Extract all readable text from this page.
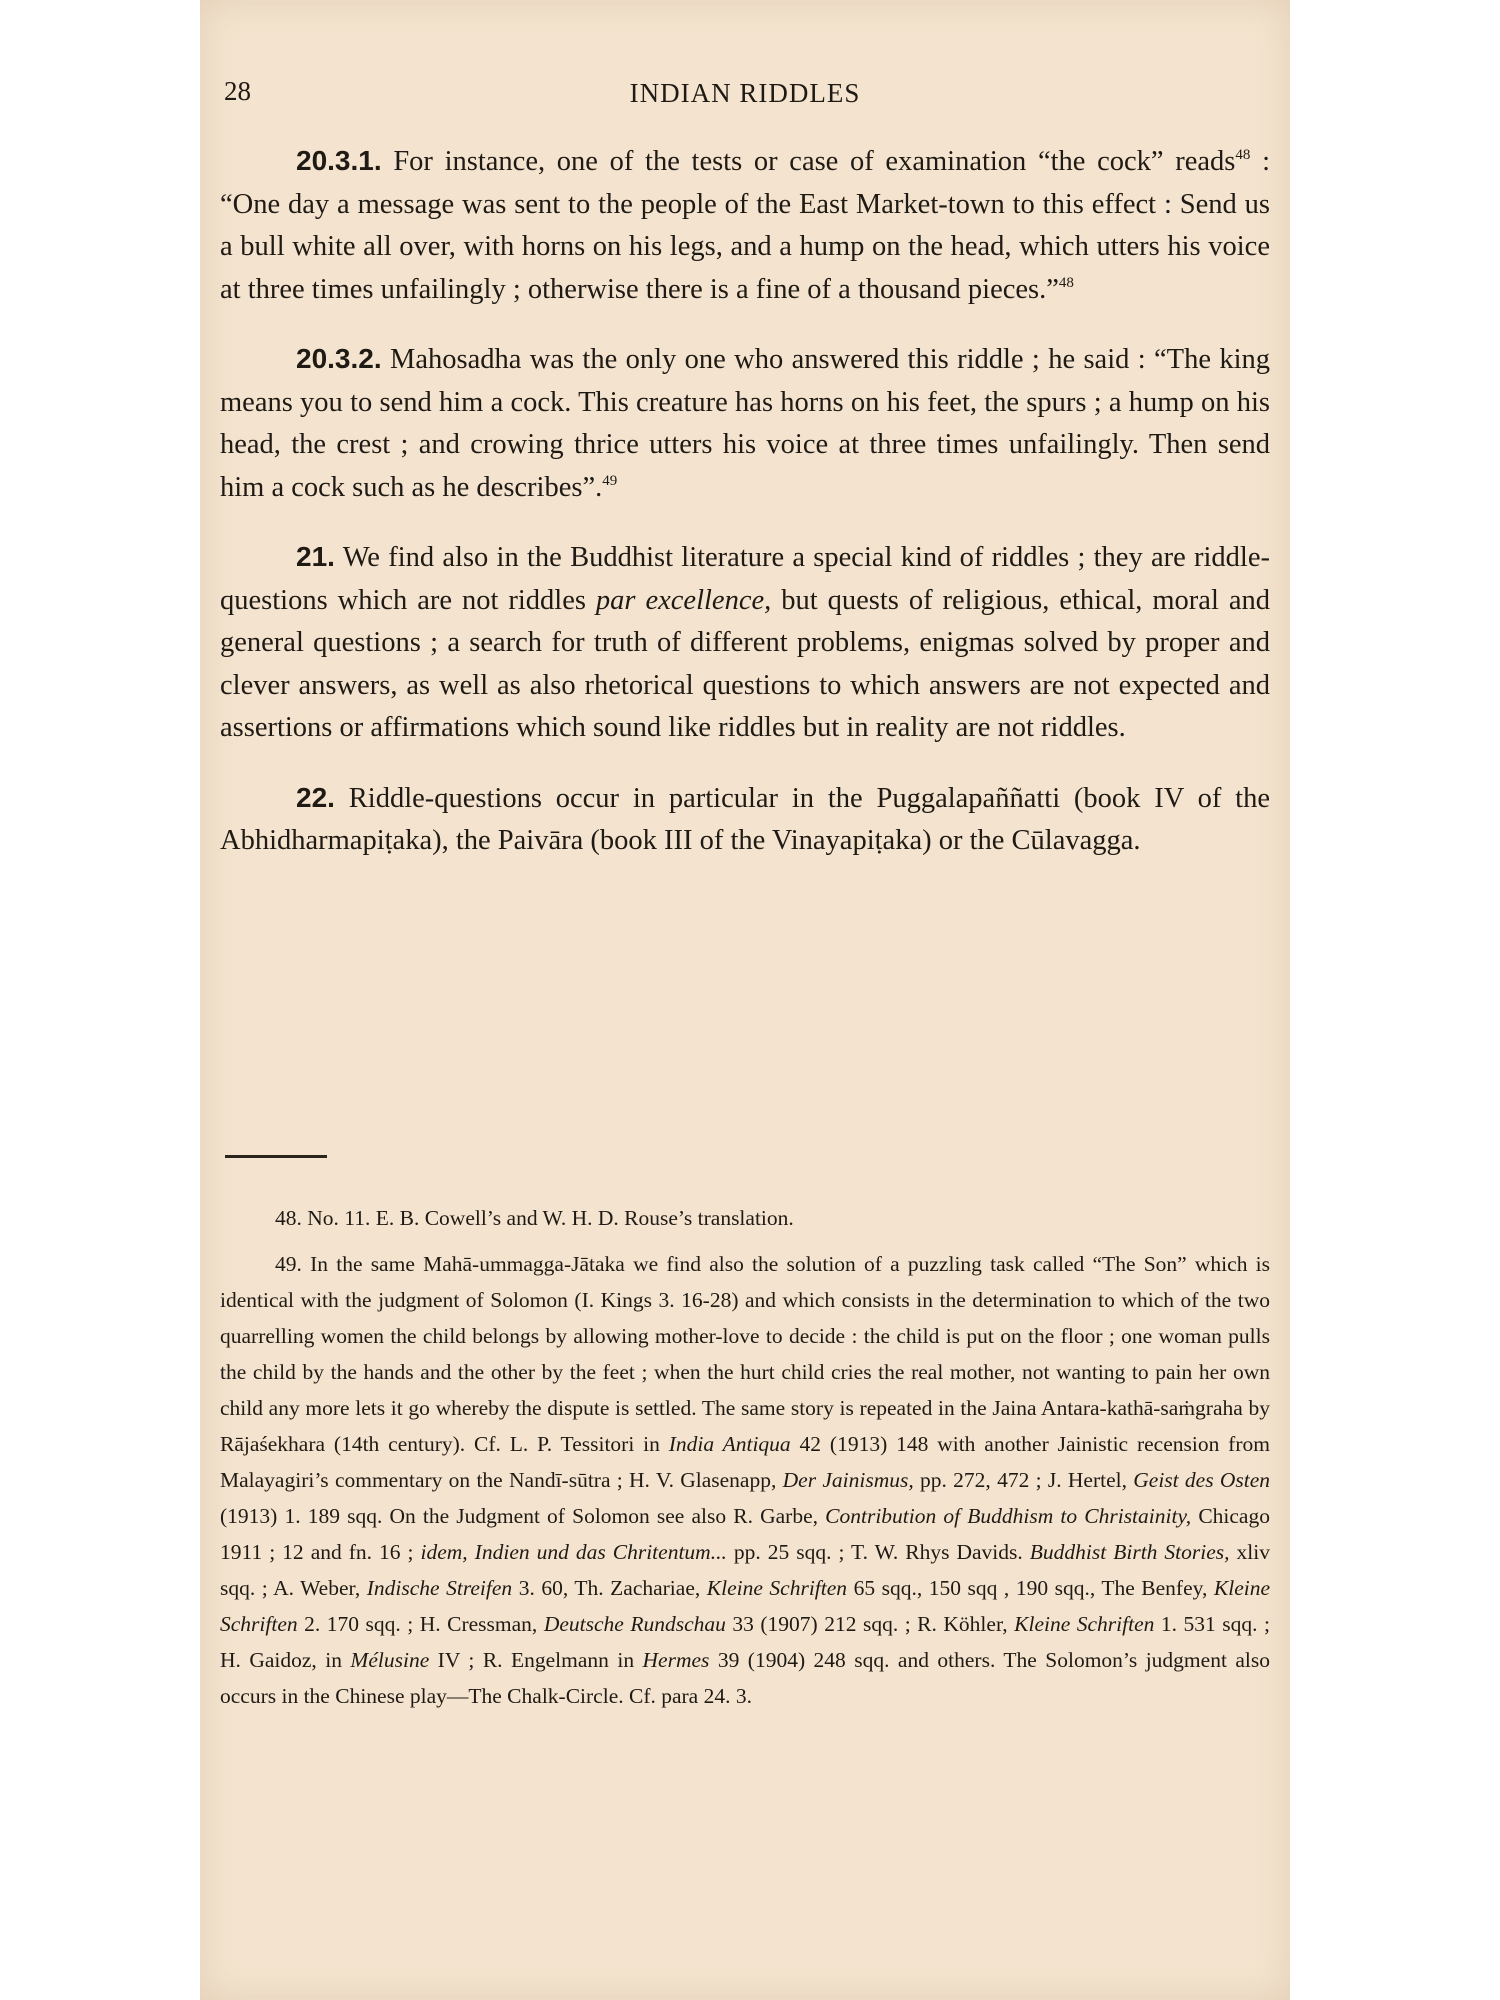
28	INDIAN RIDDLES

20.3.1. For instance, one of the tests or case of examination “the cock” reads$^{48}$ : “One day a message was sent to the people of the East Market-town to this effect : Send us a bull white all over, with horns on his legs, and a hump on the head, which utters his voice at three times unfailingly ; otherwise there is a fine of a thousand pieces.”$^{48}$

20.3.2. Mahosadha was the only one who answered this riddle ; he said : “The king means you to send him a cock. This creature has horns on his feet, the spurs ; a hump on his head, the crest ; and crowing thrice utters his voice at three times unfailingly. Then send him a cock such as he describes”.$^{49}$

21. We find also in the Buddhist literature a special kind of riddles ; they are riddle-questions which are not riddles par excellence, but quests of religious, ethical, moral and general questions ; a search for truth of different problems, enigmas solved by proper and clever answers, as well as also rhetorical questions to which answers are not expected and assertions or affirmations which sound like riddles but in reality are not riddles.

22. Riddle-questions occur in particular in the Puggalapaññatti (book IV of the Abhidharmapiṭaka), the Paivāra (book III of the Vinayapiṭaka) or the Cūlavagga.

48. No. 11. E. B. Cowell’s and W. H. D. Rouse’s translation.

49. In the same Mahā-ummagga-Jātaka we find also the solution of a puzzling task called “The Son” which is identical with the judgment of Solomon (I. Kings 3. 16-28) and which consists in the determination to which of the two quarrelling women the child belongs by allowing mother-love to decide : the child is put on the floor ; one woman pulls the child by the hands and the other by the feet ; when the hurt child cries the real mother, not wanting to pain her own child any more lets it go whereby the dispute is settled. The same story is repeated in the Jaina Antara-kathā-saṁgraha by Rājaśekhara (14th century). Cf. L. P. Tessitori in India Antiqua 42 (1913) 148 with another Jainistic recension from Malayagiri’s commentary on the Nandī-sūtra ; H. V. Glasenapp, Der Jainismus, pp. 272, 472 ; J. Hertel, Geist des Osten (1913) 1. 189 sqq. On the Judgment of Solomon see also R. Garbe, Contribution of Buddhism to Christainity, Chicago 1911 ; 12 and fn. 16 ; idem, Indien und das Chritentum... pp. 25 sqq. ; T. W. Rhys Davids. Buddhist Birth Stories, xliv sqq. ; A. Weber, Indische Streifen 3. 60, Th. Zachariae, Kleine Schriften 65 sqq., 150 sqq , 190 sqq., The Benfey, Kleine Schriften 2. 170 sqq. ; H. Cressman, Deutsche Rundschau 33 (1907) 212 sqq. ; R. Köhler, Kleine Schriften 1. 531 sqq. ; H. Gaidoz, in Mélusine IV ; R. Engelmann in Hermes 39 (1904) 248 sqq. and others. The Solomon’s judgment also occurs in the Chinese play—The Chalk-Circle. Cf. para 24. 3.
